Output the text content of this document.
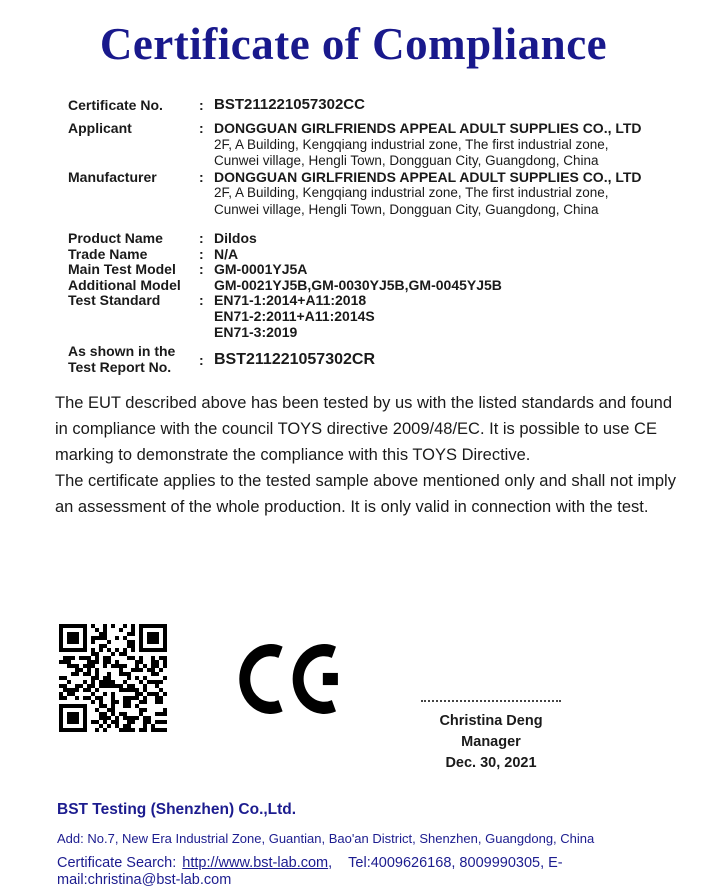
Certificate of Compliance
Certificate No.	: BST211221057302CC
Applicant	: DONGGUAN GIRLFRIENDS APPEAL ADULT SUPPLIES CO., LTD
2F, A Building, Kengqiang industrial zone, The first industrial zone,
Cunwei village, Hengli Town, Dongguan City, Guangdong, China
Manufacturer	: DONGGUAN GIRLFRIENDS APPEAL ADULT SUPPLIES CO., LTD
2F, A Building, Kengqiang industrial zone, The first industrial zone,
Cunwei village, Hengli Town, Dongguan City, Guangdong, China
Product Name	: Dildos
Trade Name	: N/A
Main Test Model	: GM-0001YJ5A
Additional Model	GM-0021YJ5B,GM-0030YJ5B,GM-0045YJ5B
Test Standard	: EN71-1:2014+A11:2018
EN71-2:2011+A11:2014S
EN71-3:2019
As shown in the
Test Report No.	: BST211221057302CR
The EUT described above has been tested by us with the listed standards and found
in compliance with the council TOYS directive 2009/48/EC. It is possible to use CE
marking to demonstrate the compliance with this TOYS Directive.
The certificate applies to the tested sample above mentioned only and shall not imply
an assessment of the whole production. It is only valid in connection with the test.
Christina Deng
Manager
Dec. 30, 2021
BST Testing (Shenzhen) Co.,Ltd.
Add: No.7, New Era Industrial Zone, Guantian, Bao'an District, Shenzhen, Guangdong, China
Certificate Search: http://www.bst-lab.com, Tel:4009626168, 8009990305, E-mail:christina@bst-lab.com
